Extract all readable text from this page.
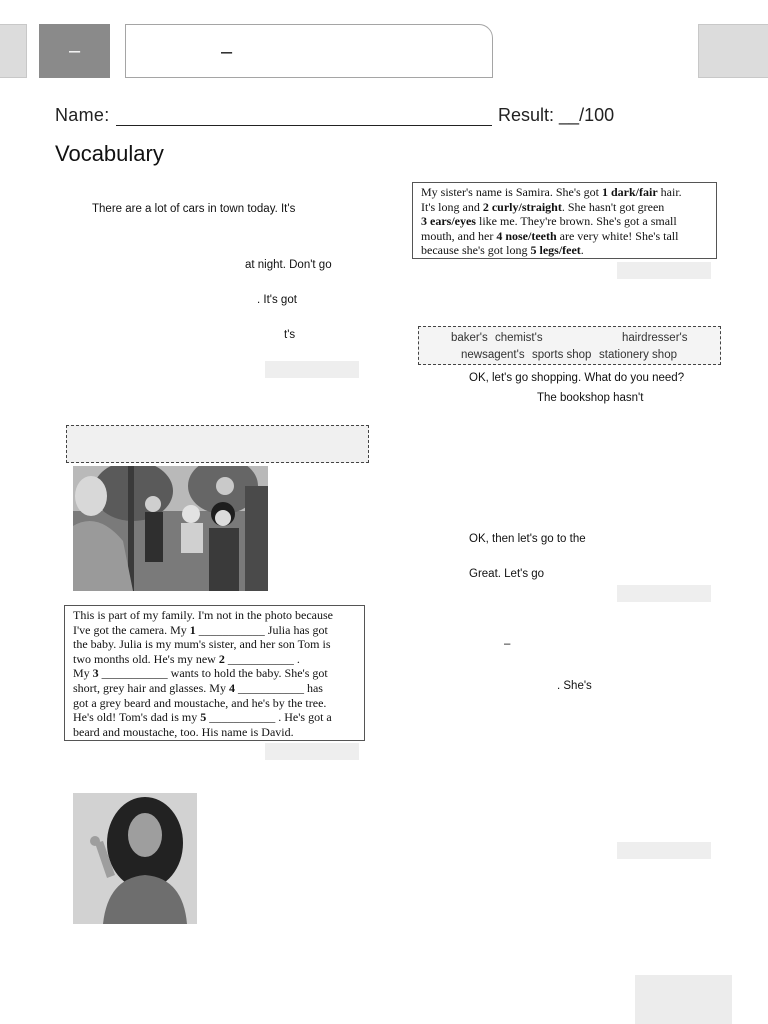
–	–
Name:	Result: __/100
Vocabulary
There are a lot of cars in town today. It's
at night. Don't go
. It's got
t's
My sister's name is Samira. She's got 1 dark/fair hair.
It's long and 2 curly/straight. She hasn't got green
3 ears/eyes like me. They're brown. She's got a small
mouth, and her 4 nose/teeth are very white! She's tall
because she's got long 5 legs/feet.
baker's chemist's	hairdresser's
newsagent's sports shop stationery shop
OK, let's go shopping. What do you need?
The bookshop hasn't
OK, then let's go to the
Great. Let's go
–
. She's
This is part of my family. I'm not in the photo because
I've got the camera. My 1 ___________ Julia has got
the baby. Julia is my mum's sister, and her son Tom is
two months old. He's my new 2 ___________ .
My 3 ___________ wants to hold the baby. She's got
short, grey hair and glasses. My 4 ___________ has
got a grey beard and moustache, and he's by the tree.
He's old! Tom's dad is my 5 ___________ . He's got a
beard and moustache, too. His name is David.
